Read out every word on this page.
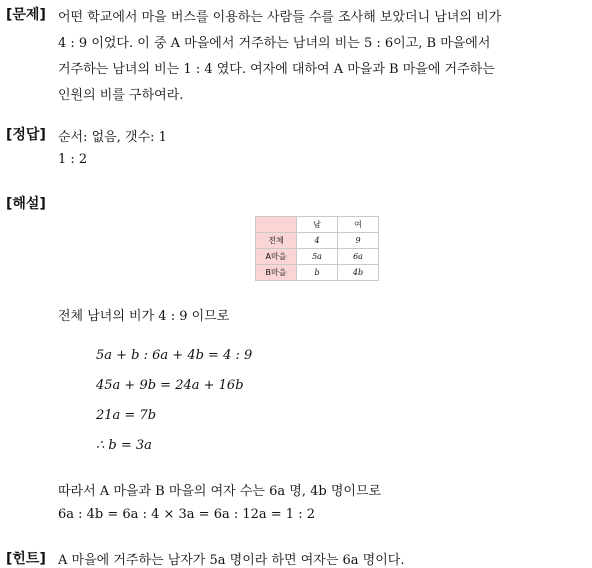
[문제] 어떤 학교에서 마을 버스를 이용하는 사람들 수를 조사해 보았더니 남녀의 비가
4 : 9 이었다. 이 중 A 마을에서 거주하는 남녀의 비는 5 : 6이고, B 마을에서
거주하는 남녀의 비는 1 : 4 였다. 여자에 대하여 A 마을과 B 마을에 거주하는
인원의 비를 구하여라.
[정답] 순서: 없음, 갯수: 1
1 : 2
[해설]
	남	여
전체	4	9
A마을	5a	6a
B마을	b	4b
전체 남녀의 비가 4 : 9 이므로
5a + b : 6a + 4b = 4 : 9
45a + 9b = 24a + 16b
21a = 7b
∴ b = 3a
따라서 A 마을과 B 마을의 여자 수는 6a 명, 4b 명이므로
6a : 4b = 6a : 4 × 3a = 6a : 12a = 1 : 2
[힌트] A 마을에 거주하는 남자가 5a 명이라 하면 여자는 6a 명이다.
